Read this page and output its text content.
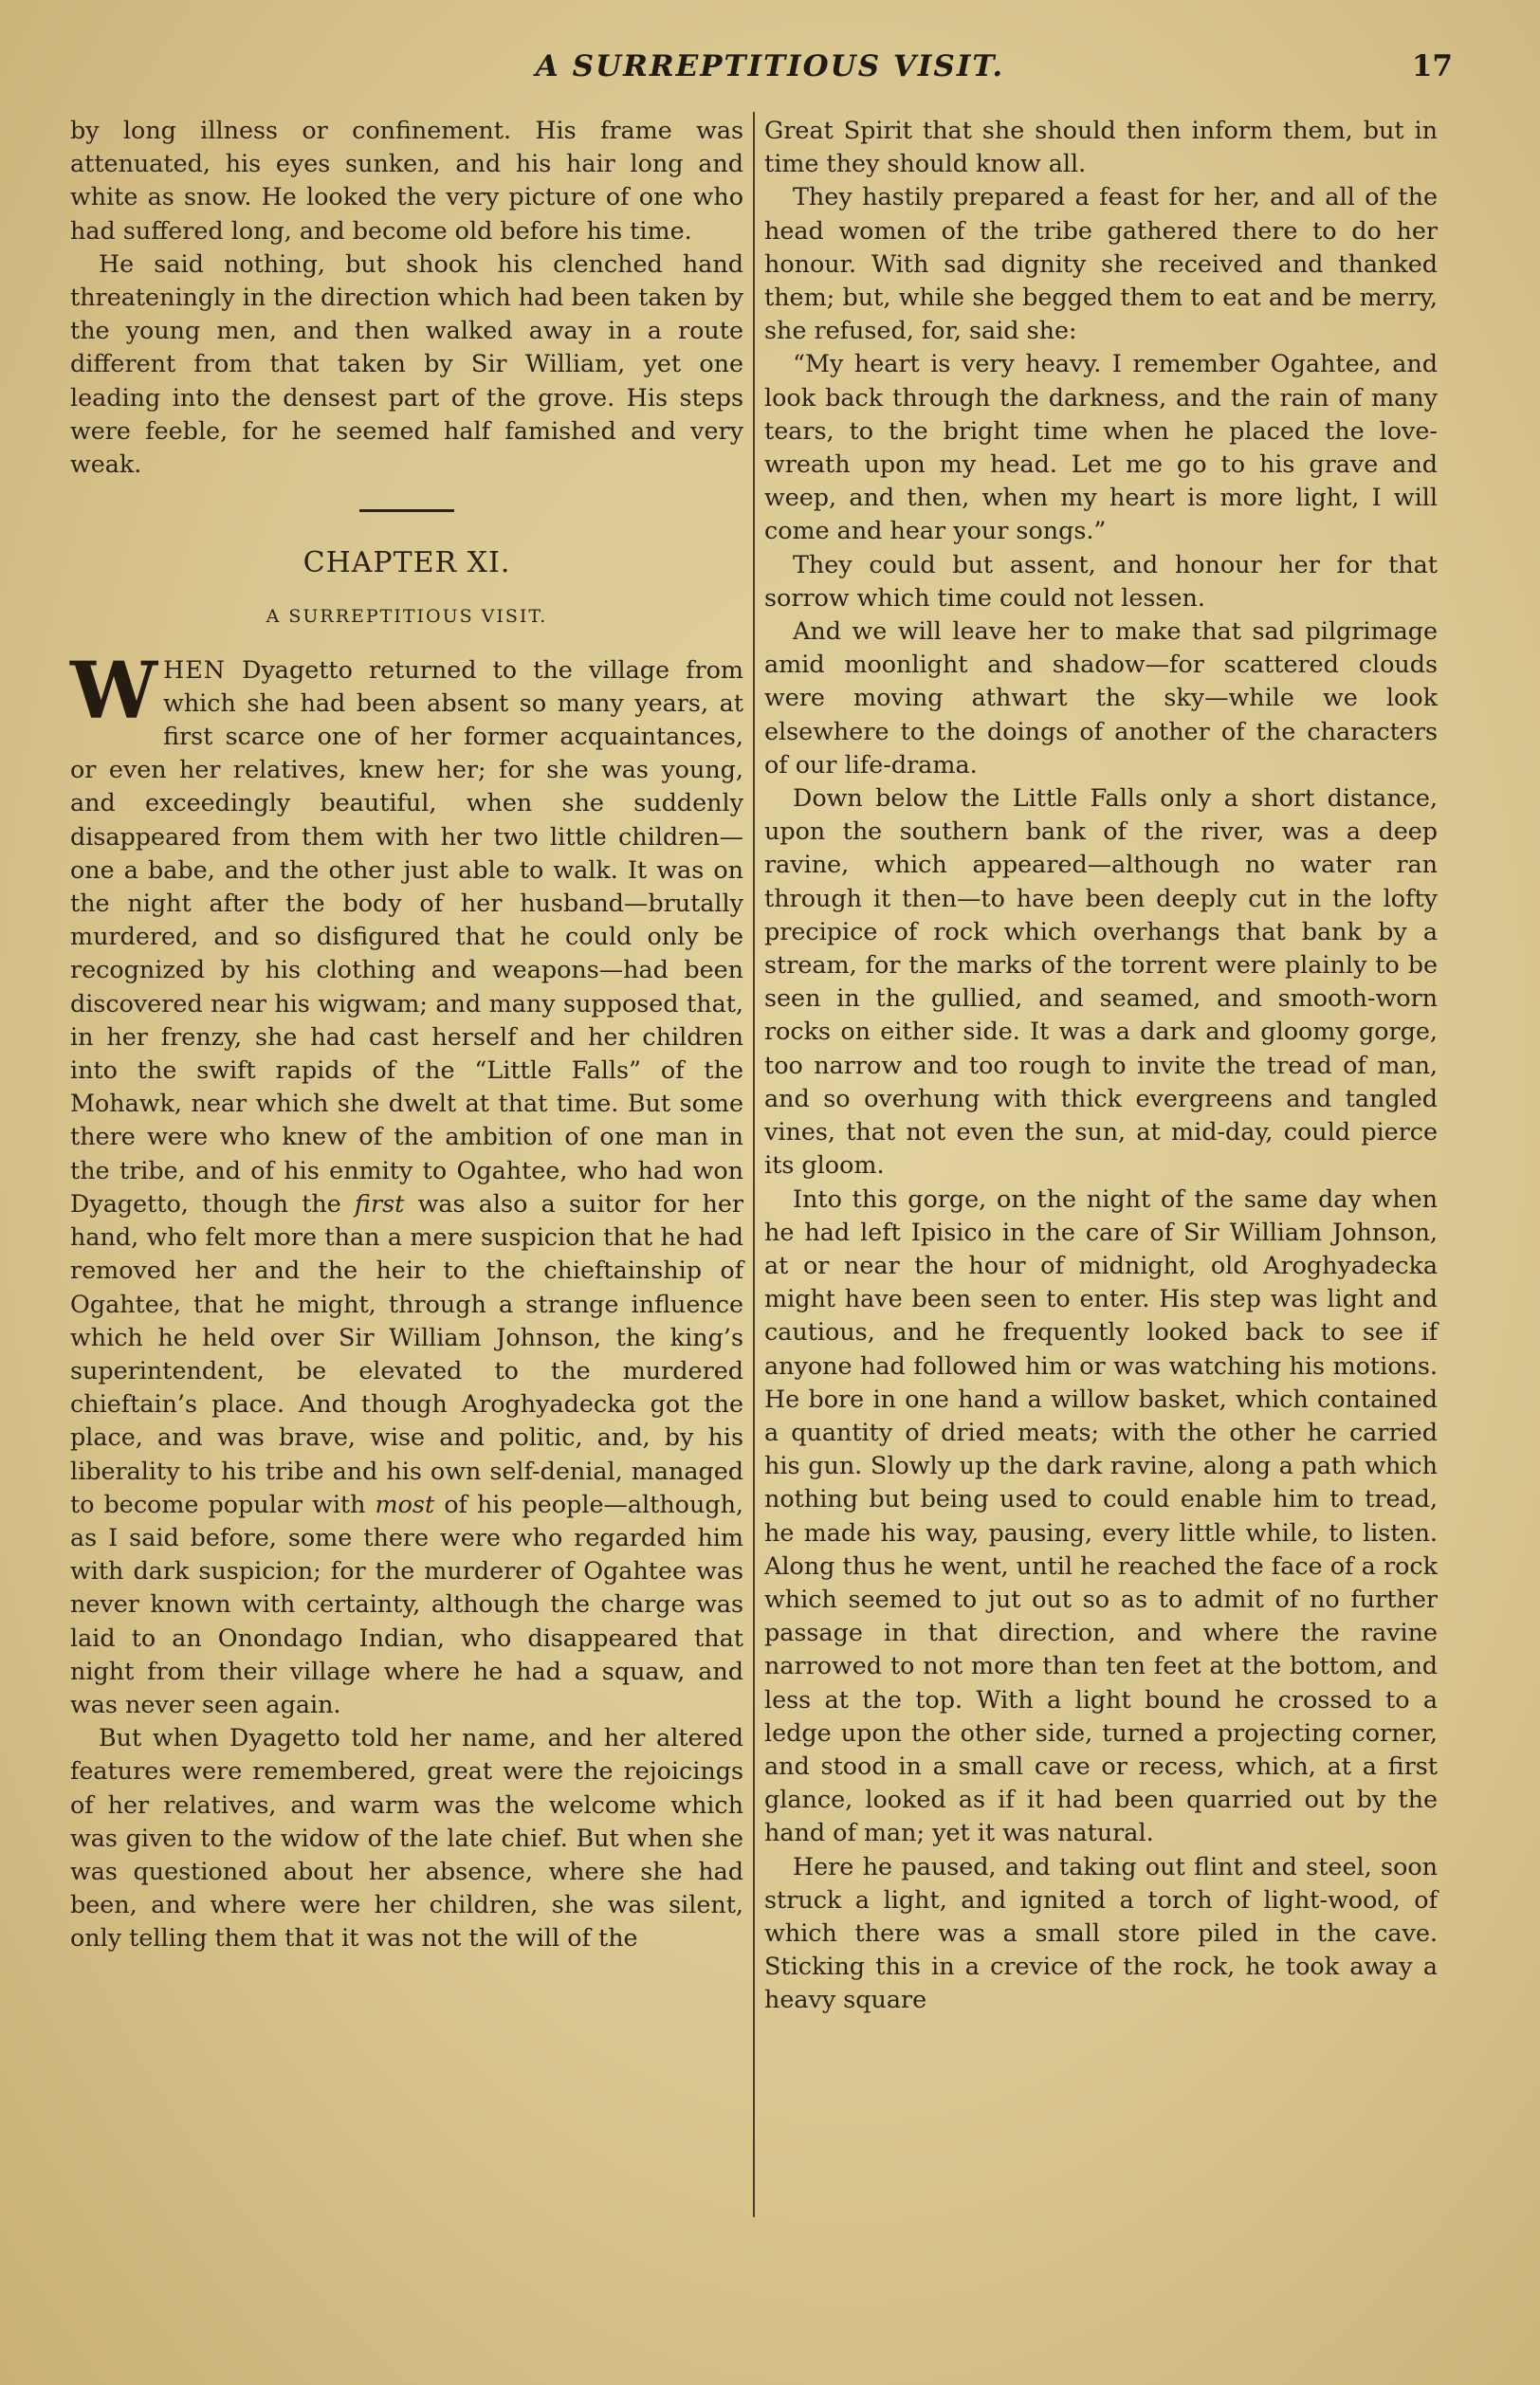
A SURREPTITIOUS VISIT.	17

by long illness or confinement. His frame was attenuated, his eyes sunken, and his hair long and white as snow. He looked the very picture of one who had suffered long, and become old before his time.

He said nothing, but shook his clenched hand threateningly in the direction which had been taken by the young men, and then walked away in a route different from that taken by Sir William, yet one leading into the densest part of the grove. His steps were feeble, for he seemed half famished and very weak.

CHAPTER XI.
A SURREPTITIOUS VISIT.

WHEN Dyagetto returned to the village from which she had been absent so many years, at first scarce one of her former acquaintances, or even her relatives, knew her; for she was young, and exceedingly beautiful, when she suddenly disappeared from them with her two little children—one a babe, and the other just able to walk. It was on the night after the body of her husband—brutally murdered, and so disfigured that he could only be recognized by his clothing and weapons—had been discovered near his wigwam; and many supposed that, in her frenzy, she had cast herself and her children into the swift rapids of the “Little Falls” of the Mohawk, near which she dwelt at that time. But some there were who knew of the ambition of one man in the tribe, and of his enmity to Ogahtee, who had won Dyagetto, though the first was also a suitor for her hand, who felt more than a mere suspicion that he had removed her and the heir to the chieftainship of Ogahtee, that he might, through a strange influence which he held over Sir William Johnson, the king’s superintendent, be elevated to the murdered chieftain’s place. And though Aroghyadecka got the place, and was brave, wise and politic, and, by his liberality to his tribe and his own self-denial, managed to become popular with most of his people—although, as I said before, some there were who regarded him with dark suspicion; for the murderer of Ogahtee was never known with certainty, although the charge was laid to an Onondago Indian, who disappeared that night from their village where he had a squaw, and was never seen again.

But when Dyagetto told her name, and her altered features were remembered, great were the rejoicings of her relatives, and warm was the welcome which was given to the widow of the late chief. But when she was questioned about her absence, where she had been, and where were her children, she was silent, only telling them that it was not the will of the

Great Spirit that she should then inform them, but in time they should know all.

They hastily prepared a feast for her, and all of the head women of the tribe gathered there to do her honour. With sad dignity she received and thanked them; but, while she begged them to eat and be merry, she refused, for, said she:

“My heart is very heavy. I remember Ogahtee, and look back through the darkness, and the rain of many tears, to the bright time when he placed the love-wreath upon my head. Let me go to his grave and weep, and then, when my heart is more light, I will come and hear your songs.”

They could but assent, and honour her for that sorrow which time could not lessen.

And we will leave her to make that sad pilgrimage amid moonlight and shadow—for scattered clouds were moving athwart the sky—while we look elsewhere to the doings of another of the characters of our life-drama.

Down below the Little Falls only a short distance, upon the southern bank of the river, was a deep ravine, which appeared—although no water ran through it then—to have been deeply cut in the lofty precipice of rock which overhangs that bank by a stream, for the marks of the torrent were plainly to be seen in the gullied, and seamed, and smooth-worn rocks on either side. It was a dark and gloomy gorge, too narrow and too rough to invite the tread of man, and so overhung with thick evergreens and tangled vines, that not even the sun, at mid-day, could pierce its gloom.

Into this gorge, on the night of the same day when he had left Ipisico in the care of Sir William Johnson, at or near the hour of midnight, old Aroghyadecka might have been seen to enter. His step was light and cautious, and he frequently looked back to see if anyone had followed him or was watching his motions. He bore in one hand a willow basket, which contained a quantity of dried meats; with the other he carried his gun. Slowly up the dark ravine, along a path which nothing but being used to could enable him to tread, he made his way, pausing, every little while, to listen. Along thus he went, until he reached the face of a rock which seemed to jut out so as to admit of no further passage in that direction, and where the ravine narrowed to not more than ten feet at the bottom, and less at the top. With a light bound he crossed to a ledge upon the other side, turned a projecting corner, and stood in a small cave or recess, which, at a first glance, looked as if it had been quarried out by the hand of man; yet it was natural.

Here he paused, and taking out flint and steel, soon struck a light, and ignited a torch of light-wood, of which there was a small store piled in the cave. Sticking this in a crevice of the rock, he took away a heavy square
